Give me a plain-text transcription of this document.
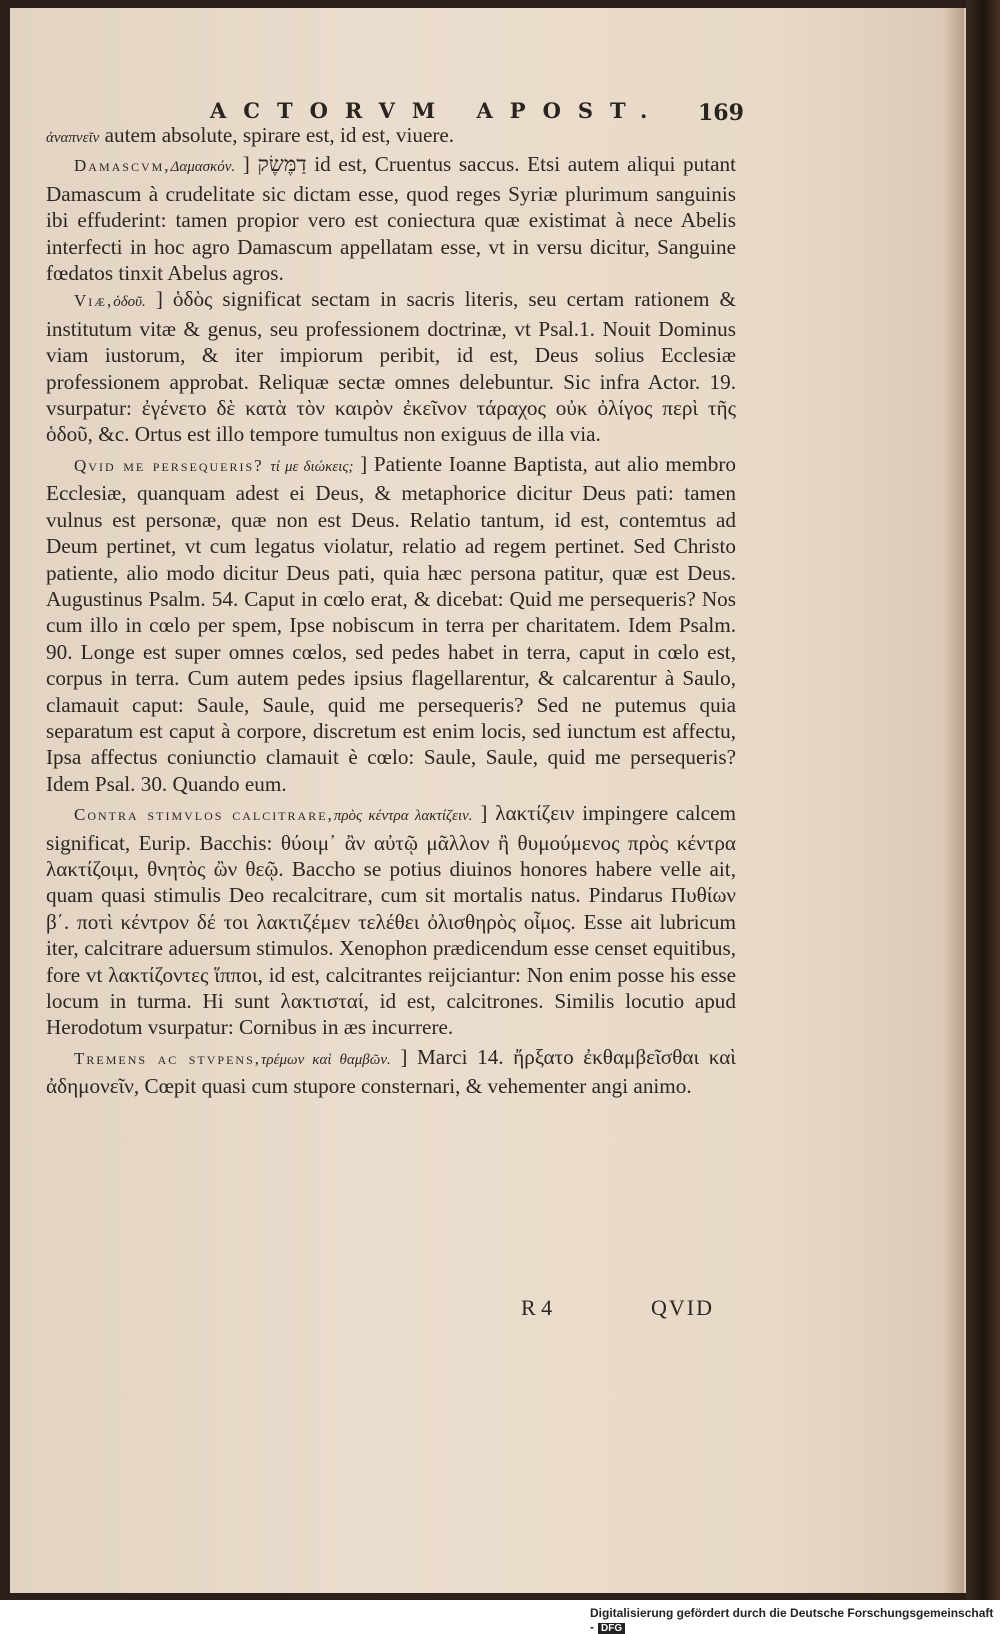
ACTORVM APOST.	169

ἀναπνεῖν autem absolute, spirare est, id est, viuere.

Damascvm,Δαμασκόν. ] דַמֶּשֶׂק id est, Cruentus saccus. Etsi autem aliqui putant Damascum à crudelitate sic dictam esse, quod reges Syriæ plurimum sanguinis ibi effuderint: tamen propior vero est coniectura quæ existimat à nece Abelis interfecti in hoc agro Damascum appellatam esse, vt in versu dicitur, Sanguine fœdatos tinxit Abelus agros.

Viæ,ὁδοῦ. ] ὁδὸς significat sectam in sacris literis, seu certam rationem & institutum vitæ & genus, seu professionem doctrinæ, vt Psal.1. Nouit Dominus viam iustorum, & iter impiorum peribit, id est, Deus solius Ecclesiæ professionem approbat. Reliquæ sectæ omnes delebuntur. Sic infra Actor. 19. vsurpatur: ἐγένετο δὲ κατὰ τὸν καιρὸν ἐκεῖνον τάραχος οὐκ ὀλίγος περὶ τῆς ὁδοῦ, &c. Ortus est illo tempore tumultus non exiguus de illa via.

Qvid me persequeris? τί με διώκεις; ] Patiente Ioanne Baptista, aut alio membro Ecclesiæ, quanquam adest ei Deus, & metaphorice dicitur Deus pati: tamen vulnus est personæ, quæ non est Deus. Relatio tantum, id est, contemtus ad Deum pertinet, vt cum legatus violatur, relatio ad regem pertinet. Sed Christo patiente, alio modo dicitur Deus pati, quia hæc persona patitur, quæ est Deus. Augustinus Psalm. 54. Caput in cœlo erat, & dicebat: Quid me persequeris? Nos cum illo in cœlo per spem, Ipse nobiscum in terra per charitatem. Idem Psalm. 90. Longe est super omnes cœlos, sed pedes habet in terra, caput in cœlo est, corpus in terra. Cum autem pedes ipsius flagellarentur, & calcarentur à Saulo, clamauit caput: Saule, Saule, quid me persequeris? Sed ne putemus quia separatum est caput à corpore, discretum est enim locis, sed iunctum est affectu, Ipsa affectus coniunctio clamauit è cœlo: Saule, Saule, quid me persequeris? Idem Psal. 30. Quando eum.

Contra stimvlos calcitrare,πρὸς κέντρα λακτίζειν. ] λακτίζειν impingere calcem significat, Eurip. Bacchis: θύοιμ᾽ ἂν αὐτῷ μᾶλλον ἢ θυμούμενος πρὸς κέντρα λακτίζοιμι, θνητὸς ὢν θεῷ. Baccho se potius diuinos honores habere velle ait, quam quasi stimulis Deo recalcitrare, cum sit mortalis natus. Pindarus Πυθίων β΄. ποτὶ κέντρον δέ τοι λακτιζέμεν τελέθει ὀλισθηρὸς οἶμος. Esse ait lubricum iter, calcitrare aduersum stimulos. Xenophon prædicendum esse censet equitibus, fore vt λακτίζοντες ἵπποι, id est, calcitrantes reijciantur: Non enim posse his esse locum in turma. Hi sunt λακτισταί, id est, calcitrones. Similis locutio apud Herodotum vsurpatur: Cornibus in æs incurrere.

Tremens ac stvpens,τρέμων καὶ θαμβῶν. ] Marci 14. ἤρξατο ἐκθαμβεῖσθαι καὶ ἀδημονεῖν, Cœpit quasi cum stupore consternari, & vehementer angi animo.

R 4	QVID
Digitalisierung gefördert durch die Deutsche Forschungsgemeinschaft - DFG
